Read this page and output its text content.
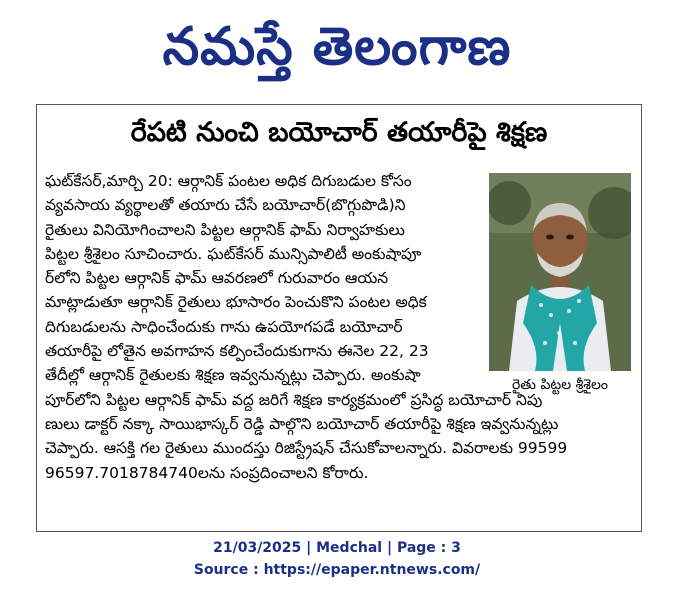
నమస్తే తెలంగాణ
రేపటి నుంచి బయోచార్ తయారీపై శిక్షణ
ఘట్‌కేసర్,మార్చి 20: ఆర్గానిక్ పంటల అధిక దిగుబడుల కోసం
వ్యవసాయ వ్యర్థాలతో తయారు చేసే బయోచార్(బొగ్గుపొడి)ని
రైతులు వినియోగించాలని పిట్టల ఆర్గానిక్ ఫామ్ నిర్వాహకులు
పిట్టల శ్రీశైలం సూచించారు. ఘట్‌కేసర్ మున్సిపాలిటీ అంకుషాపూ
ర్‌లోని పిట్టల ఆర్గానిక్ ఫామ్ ఆవరణలో గురువారం ఆయన
మాట్లాడుతూ ఆర్గానిక్ రైతులు భూసారం పెంచుకొని పంటల అధిక
దిగుబడులను సాధించేందుకు గాను ఉపయోగపడే బయోచార్
తయారీపై లోతైన అవగాహన కల్పించేందుకుగాను ఈనెల 22, 23
తేదీల్లో ఆర్గానిక్ రైతులకు శిక్షణ ఇవ్వనున్నట్లు చెప్పారు. అంకుషా
పూర్‌లోని పిట్టల ఆర్గానిక్ ఫామ్ వద్ద జరిగే శిక్షణ కార్యక్రమంలో ప్రసిద్ధ బయోచార్ నిపు
ణులు డాక్టర్ నక్కా సాయిభాస్కర్ రెడ్డి పాల్గొని బయోచార్ తయారీపై శిక్షణ ఇవ్వనున్నట్లు
చెప్పారు. ఆసక్తి గల రైతులు ముందస్తు రిజిస్ట్రేషన్ చేసుకోవాలన్నారు. వివరాలకు 99599
96597.7018784740లను సంప్రదించాలని కోరారు.
రైతు పిట్టల శ్రీశైలం
21/03/2025 | Medchal | Page : 3
Source : https://epaper.ntnews.com/
